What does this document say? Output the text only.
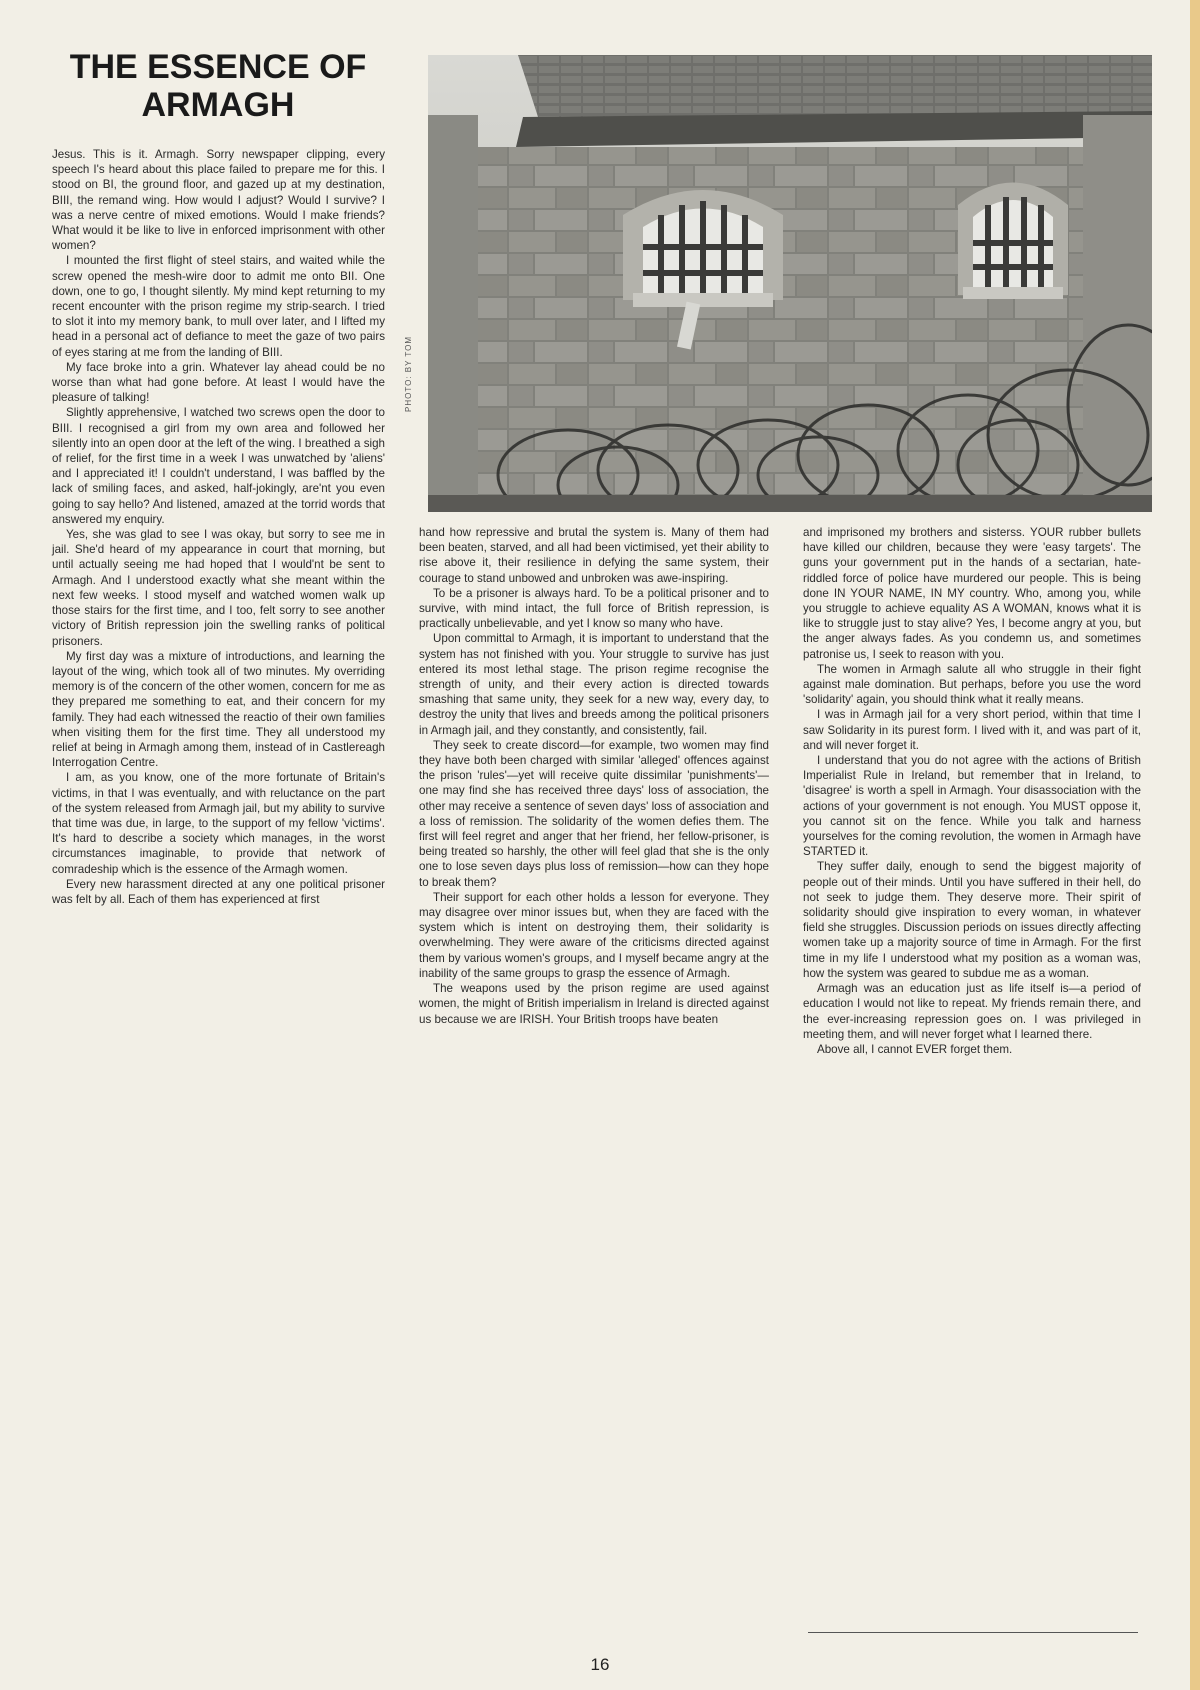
THE ESSENCE OF ARMAGH

Jesus. This is it. Armagh. Sorry newspaper clipping, every speech I's heard about this place failed to prepare me for this. I stood on BI, the ground floor, and gazed up at my destination, BIII, the remand wing. How would I adjust? Would I survive? I was a nerve centre of mixed emotions. Would I make friends? What would it be like to live in enforced imprisonment with other women?

I mounted the first flight of steel stairs, and waited while the screw opened the mesh-wire door to admit me onto BII. One down, one to go, I thought silently. My mind kept returning to my recent encounter with the prison regime my strip-search. I tried to slot it into my memory bank, to mull over later, and I lifted my head in a personal act of defiance to meet the gaze of two pairs of eyes staring at me from the landing of BIII.

My face broke into a grin. Whatever lay ahead could be no worse than what had gone before. At least I would have the pleasure of talking!

Slightly apprehensive, I watched two screws open the door to BIII. I recognised a girl from my own area and followed her silently into an open door at the left of the wing. I breathed a sigh of relief, for the first time in a week I was unwatched by 'aliens' and I appreciated it! I couldn't understand, I was baffled by the lack of smiling faces, and asked, half-jokingly, are'nt you even going to say hello? And listened, amazed at the torrid words that answered my enquiry.

Yes, she was glad to see I was okay, but sorry to see me in jail. She'd heard of my appearance in court that morning, but until actually seeing me had hoped that I would'nt be sent to Armagh. And I understood exactly what she meant within the next few weeks. I stood myself and watched women walk up those stairs for the first time, and I too, felt sorry to see another victory of British repression join the swelling ranks of political prisoners.

My first day was a mixture of introductions, and learning the layout of the wing, which took all of two minutes. My overriding memory is of the concern of the other women, concern for me as they prepared me something to eat, and their concern for my family. They had each witnessed the reactio of their own families when visiting them for the first time. They all understood my relief at being in Armagh among them, instead of in Castlereagh Interrogation Centre.

I am, as you know, one of the more fortunate of Britain's victims, in that I was eventually, and with reluctance on the part of the system released from Armagh jail, but my ability to survive that time was due, in large, to the support of my fellow 'victims'. It's hard to describe a society which manages, in the worst circumstances imaginable, to provide that network of comradeship which is the essence of the Armagh women.

Every new harassment directed at any one political prisoner was felt by all. Each of them has experienced at first

PHOTO: BY TOM

hand how repressive and brutal the system is. Many of them had been beaten, starved, and all had been victimised, yet their ability to rise above it, their resilience in defying the same system, their courage to stand unbowed and unbroken was awe-inspiring.

To be a prisoner is always hard. To be a political prisoner and to survive, with mind intact, the full force of British repression, is practically unbelievable, and yet I know so many who have.

Upon committal to Armagh, it is important to understand that the system has not finished with you. Your struggle to survive has just entered its most lethal stage. The prison regime recognise the strength of unity, and their every action is directed towards smashing that same unity, they seek for a new way, every day, to destroy the unity that lives and breeds among the political prisoners in Armagh jail, and they constantly, and consistently, fail.

They seek to create discord—for example, two women may find they have both been charged with similar 'alleged' offences against the prison 'rules'—yet will receive quite dissimilar 'punishments'—one may find she has received three days' loss of association, the other may receive a sentence of seven days' loss of association and a loss of remission. The solidarity of the women defies them. The first will feel regret and anger that her friend, her fellow-prisoner, is being treated so harshly, the other will feel glad that she is the only one to lose seven days plus loss of remission—how can they hope to break them?

Their support for each other holds a lesson for everyone. They may disagree over minor issues but, when they are faced with the system which is intent on destroying them, their solidarity is overwhelming. They were aware of the criticisms directed against them by various women's groups, and I myself became angry at the inability of the same groups to grasp the essence of Armagh.

The weapons used by the prison regime are used against women, the might of British imperialism in Ireland is directed against us because we are IRISH. Your British troops have beaten

and imprisoned my brothers and sisterss. YOUR rubber bullets have killed our children, because they were 'easy targets'. The guns your government put in the hands of a sectarian, hate-riddled force of police have murdered our people. This is being done IN YOUR NAME, IN MY country. Who, among you, while you struggle to achieve equality AS A WOMAN, knows what it is like to struggle just to stay alive? Yes, I become angry at you, but the anger always fades. As you condemn us, and sometimes patronise us, I seek to reason with you.

The women in Armagh salute all who struggle in their fight against male domination. But perhaps, before you use the word 'solidarity' again, you should think what it really means.

I was in Armagh jail for a very short period, within that time I saw Solidarity in its purest form. I lived with it, and was part of it, and will never forget it.

I understand that you do not agree with the actions of British Imperialist Rule in Ireland, but remember that in Ireland, to 'disagree' is worth a spell in Armagh. Your disassociation with the actions of your government is not enough. You MUST oppose it, you cannot sit on the fence. While you talk and harness yourselves for the coming revolution, the women in Armagh have STARTED it.

They suffer daily, enough to send the biggest majority of people out of their minds. Until you have suffered in their hell, do not seek to judge them. They deserve more. Their spirit of solidarity should give inspiration to every woman, in whatever field she struggles. Discussion periods on issues directly affecting women take up a majority source of time in Armagh. For the first time in my life I understood what my position as a woman was, how the system was geared to subdue me as a woman.

Armagh was an education just as life itself is—a period of education I would not like to repeat. My friends remain there, and the ever-increasing repression goes on. I was privileged in meeting them, and will never forget what I learned there.

Above all, I cannot EVER forget them.

16
